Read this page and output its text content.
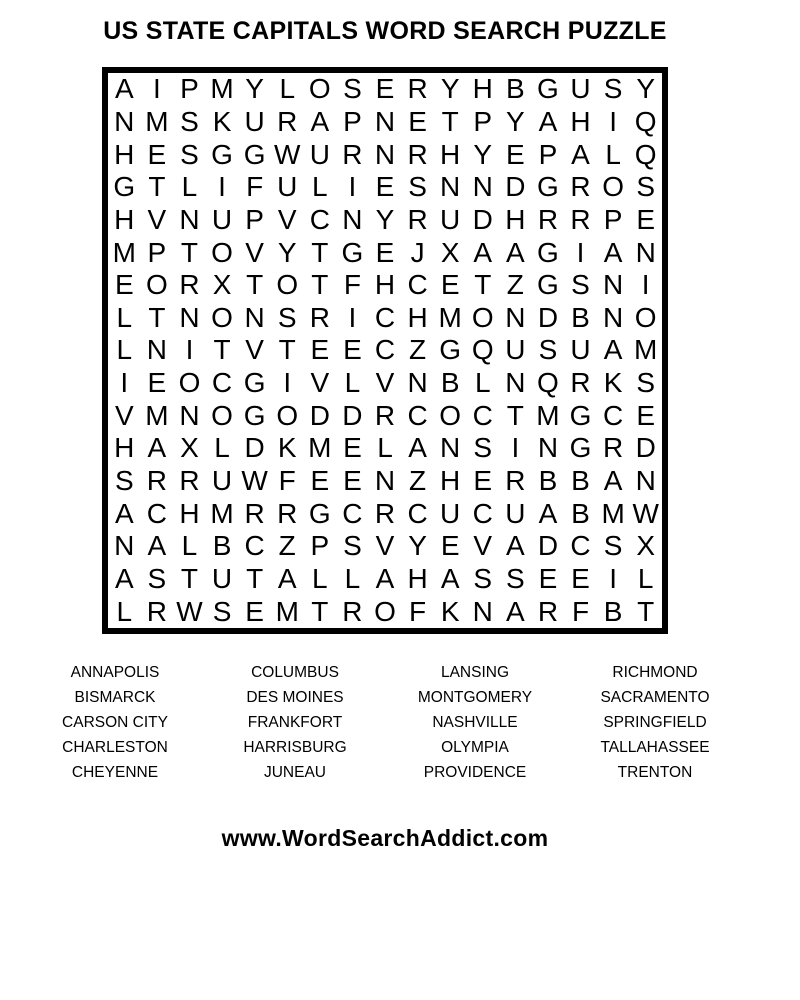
US STATE CAPITALS WORD SEARCH PUZZLE
A I P M Y L O S E R Y H B G U S Y
N M S K U R A P N E T P Y A H I Q
H E S G G W U R N R H Y E P A L Q
G T L I F U L I E S N N D G R O S
H V N U P V C N Y R U D H R R P E
M P T O V Y T G E J X A A G I A N
E O R X T O T F H C E T Z G S N I
L T N O N S R I C H M O N D B N O
L N I T V T E E C Z G Q U S U A M
I E O C G I V L V N B L N Q R K S
V M N O G O D D R C O C T M G C E
H A X L D K M E L A N S I N G R D
S R R U W F E E N Z H E R B B A N
A C H M R R G C R C U C U A B M W
N A L B C Z P S V Y E V A D C S X
A S T U T A L L A H A S S E E I L
L R W S E M T R O F K N A R F B T
ANNAPOLIS
BISMARCK
CARSON CITY
CHARLESTON
CHEYENNE
COLUMBUS
DES MOINES
FRANKFORT
HARRISBURG
JUNEAU
LANSING
MONTGOMERY
NASHVILLE
OLYMPIA
PROVIDENCE
RICHMOND
SACRAMENTO
SPRINGFIELD
TALLAHASSEE
TRENTON
www.WordSearchAddict.com
